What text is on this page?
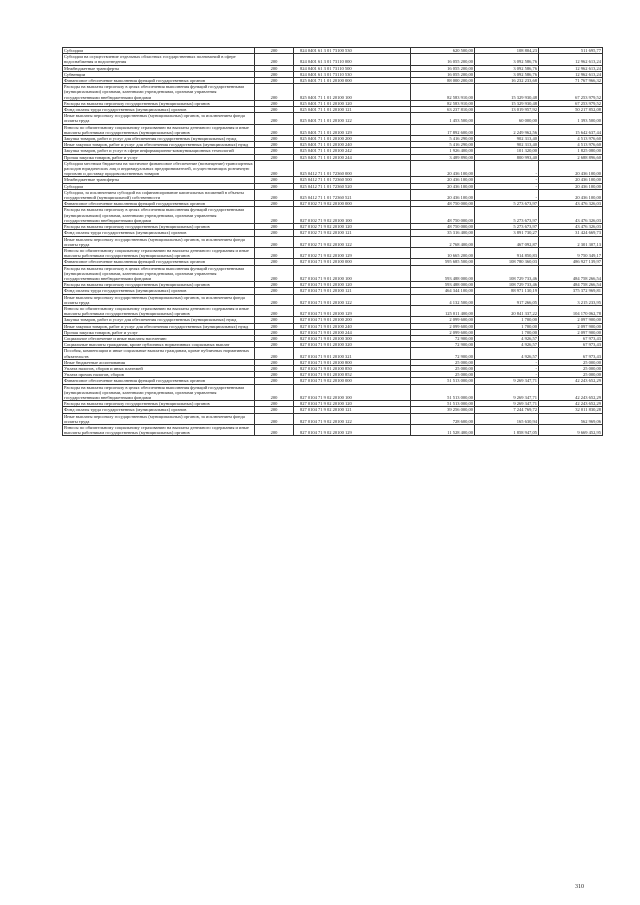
Субсидии	200	824 0401 61 3 01 73100 530	620 500,00	108 804,23	511 695,77
Субсидии на осуществление отдельных областных государственных полномочий в сфере водоснабжения и водоотведения	200	824 0401 61 3 01 73110 000	16 055 200,00	3 092 586,76	12 962 613,24
Межбюджетные трансферты	200	824 0401 61 3 01 73110 500	16 055 200,00	3 092 586,76	12 962 613,24
Субвенции	200	824 0401 61 3 01 73110 530	16 055 200,00	3 092 586,76	12 962 613,24
Финансовое обеспечение выполнения функций государственных органов	200	825 0401 71 1 01 20100 000	88 000 200,00	16 232 233,68	71 767 966,32
Расходы на выплаты персоналу в целях обеспечения выполнения функций государственными (муниципальными) органами, казенными учреждениями, органами управления государственными внебюджетными фондами	200	825 0401 71 1 01 20100 100	82 583 910,00	15 329 930,48	67 253 979,52
Расходы на выплаты персоналу государственных (муниципальных) органов	200	825 0401 71 1 01 20100 120	82 583 910,00	15 329 930,48	67 253 979,52
Фонд оплаты труда государственных (муниципальных) органов	200	825 0401 71 1 01 20100 121	63 237 810,00	13 019 957,92	50 217 852,08
Иные выплаты персоналу государственных (муниципальных) органов, за исключением фонда оплаты труда	200	825 0401 71 1 01 20100 122	1 453 500,00	60 000,00	1 393 500,00
Взносы по обязательному социальному страхованию на выплаты денежного содержания и иные выплаты работникам государственных (муниципальных) органов	200	825 0401 71 1 01 20100 129	17 892 600,00	2 249 962,56	15 642 637,44
Закупка товаров, работ и услуг для обеспечения государственных (муниципальных) нужд	200	825 0401 71 1 01 20100 200	5 416 290,00	902 313,40	4 513 976,60
Иные закупки товаров, работ и услуг для обеспечения государственных (муниципальных) нужд	200	825 0401 71 1 01 20100 240	5 416 290,00	902 313,40	4 513 976,60
Закупка товаров, работ и услуг в сфере информационно-коммуникационных технологий	200	825 0401 71 1 01 20100 242	1 926 400,00	101 320,00	1 825 080,00
Прочая закупка товаров, работ и услуг	200	825 0401 71 1 01 20100 244	3 489 890,00	800 993,40	2 688 896,60
Субсидии местным бюджетам на частичное финансовое обеспечение (возмещение) транспортных расходов юридических лиц и индивидуальных предпринимателей, осуществляющих розничную торговлю и доставку продовольственных товаров	200	825 0412 71 1 01 72360 000	20 436 100,00	-	20 436 100,00
Межбюджетные трансферты	200	825 0412 71 1 01 72360 500	20 436 100,00	-	20 436 100,00
Субсидии	200	825 0412 71 1 01 72360 520	20 436 100,00	-	20 436 100,00
Субсидии, за исключением субсидий на софинансирование капитальных вложений в объекты государственной (муниципальной) собственности	200	825 0412 71 1 01 72360 521	20 436 100,00	-	20 436 100,00
Финансовое обеспечение выполнения функций государственных органов	200	827 0102 71 9 02 20100 000	48 750 000,00	5 273 673,97	43 476 326,03
Расходы на выплаты персоналу в целях обеспечения выполнения функций государственными (муниципальными) органами, казенными учреждениями, органами управления государственными внебюджетными фондами	200	827 0102 71 9 02 20100 100	48 750 000,00	5 273 673,97	43 476 326,03
Расходы на выплаты персоналу государственных (муниципальных) органов	200	827 0102 71 9 02 20100 120	48 750 000,00	5 273 673,97	43 476 326,03
Фонд оплаты труда государственных (муниципальных) органов	200	827 0102 71 9 02 20100 121	35 316 400,00	3 891 730,27	31 424 669,73
Иные выплаты персоналу государственных (муниципальных) органов, за исключением фонда оплаты труда	200	827 0102 71 9 02 20100 122	2 768 400,00	467 092,87	2 301 307,13
Взносы по обязательному социальному страхованию на выплаты денежного содержания и иные выплаты работникам государственных (муниципальных) органов	200	827 0102 71 9 02 20100 129	10 665 200,00	914 850,83	9 750 349,17
Финансовое обеспечение выполнения функций государственных органов	200	827 0104 71 9 01 20100 000	595 685 500,00	108 780 360,03	486 927 139,97
Расходы на выплаты персоналу в целях обеспечения выполнения функций государственными (муниципальными) органами, казенными учреждениями, органами управления государственными внебюджетными фондами	200	827 0104 71 9 01 20100 100	593 488 000,00	108 729 733,46	484 758 266,54
Расходы на выплаты персоналу государственных (муниципальных) органов	200	827 0104 71 9 01 20100 120	593 488 000,00	108 729 733,46	484 758 266,54
Фонд оплаты труда государственных (муниципальных) органов	200	827 0104 71 9 01 20100 121	464 344 100,00	88 971 130,19	375 372 969,81
Иные выплаты персоналу государственных (муниципальных) органов, за исключением фонда оплаты труда	200	827 0104 71 9 01 20100 122	4 132 500,00	917 266,05	3 215 233,95
Взносы по обязательному социальному страхованию на выплаты денежного содержания и иные выплаты работникам государственных (муниципальных) органов	200	827 0104 71 9 01 20100 129	125 011 400,00	20 841 337,22	104 170 062,78
Закупка товаров, работ и услуг для обеспечения государственных (муниципальных) нужд	200	827 0104 71 9 01 20100 200	2 099 600,00	1 700,00	2 097 900,00
Иные закупки товаров, работ и услуг для обеспечения государственных (муниципальных) нужд	200	827 0104 71 9 01 20100 240	2 099 600,00	1 700,00	2 097 900,00
Прочая закупка товаров, работ и услуг	200	827 0104 71 9 01 20100 244	2 099 600,00	1 700,00	2 097 900,00
Социальное обеспечение и иные выплаты населению	200	827 0104 71 9 01 20100 300	72 900,00	4 926,57	67 973,43
Социальные выплаты гражданам, кроме публичных нормативных социальных выплат	200	827 0104 71 9 01 20100 320	72 900,00	4 926,57	67 973,43
Пособия, компенсации и иные социальные выплаты гражданам, кроме публичных нормативных обязательств	200	827 0104 71 9 01 20100 321	72 900,00	4 926,57	67 973,43
Иные бюджетные ассигнования	200	827 0104 71 9 01 20100 800	25 000,00	-	25 000,00
Уплата налогов, сборов и иных платежей	200	827 0104 71 9 01 20100 850	25 000,00	-	25 000,00
Уплата прочих налогов, сборов	200	827 0104 71 9 01 20100 852	25 000,00	-	25 000,00
Финансовое обеспечение выполнения функций государственных органов	200	827 0104 71 9 02 20100 000	51 513 000,00	9 269 347,71	42 243 652,29
Расходы на выплаты персоналу в целях обеспечения выполнения функций государственными (муниципальными) органами, казенными учреждениями, органами управления государственными внебюджетными фондами	200	827 0104 71 9 02 20100 100	51 513 000,00	9 269 347,71	42 243 652,29
Расходы на выплаты персоналу государственных (муниципальных) органов	200	827 0104 71 9 02 20100 120	51 513 000,00	9 269 347,71	42 243 652,29
Фонд оплаты труда государственных (муниципальных) органов	200	827 0104 71 9 02 20100 121	39 256 000,00	7 244 769,72	32 011 830,28
Иные выплаты персоналу государственных (муниципальных) органов, за исключением фонда оплаты труда	200	827 0104 71 9 02 20100 122	728 600,00	165 630,94	562 969,06
Взносы по обязательному социальному страхованию на выплаты денежного содержания и иные выплаты работникам государственных (муниципальных) органов	200	827 0104 71 9 02 20100 129	11 528 400,00	1 858 947,05	9 669 452,95
310
